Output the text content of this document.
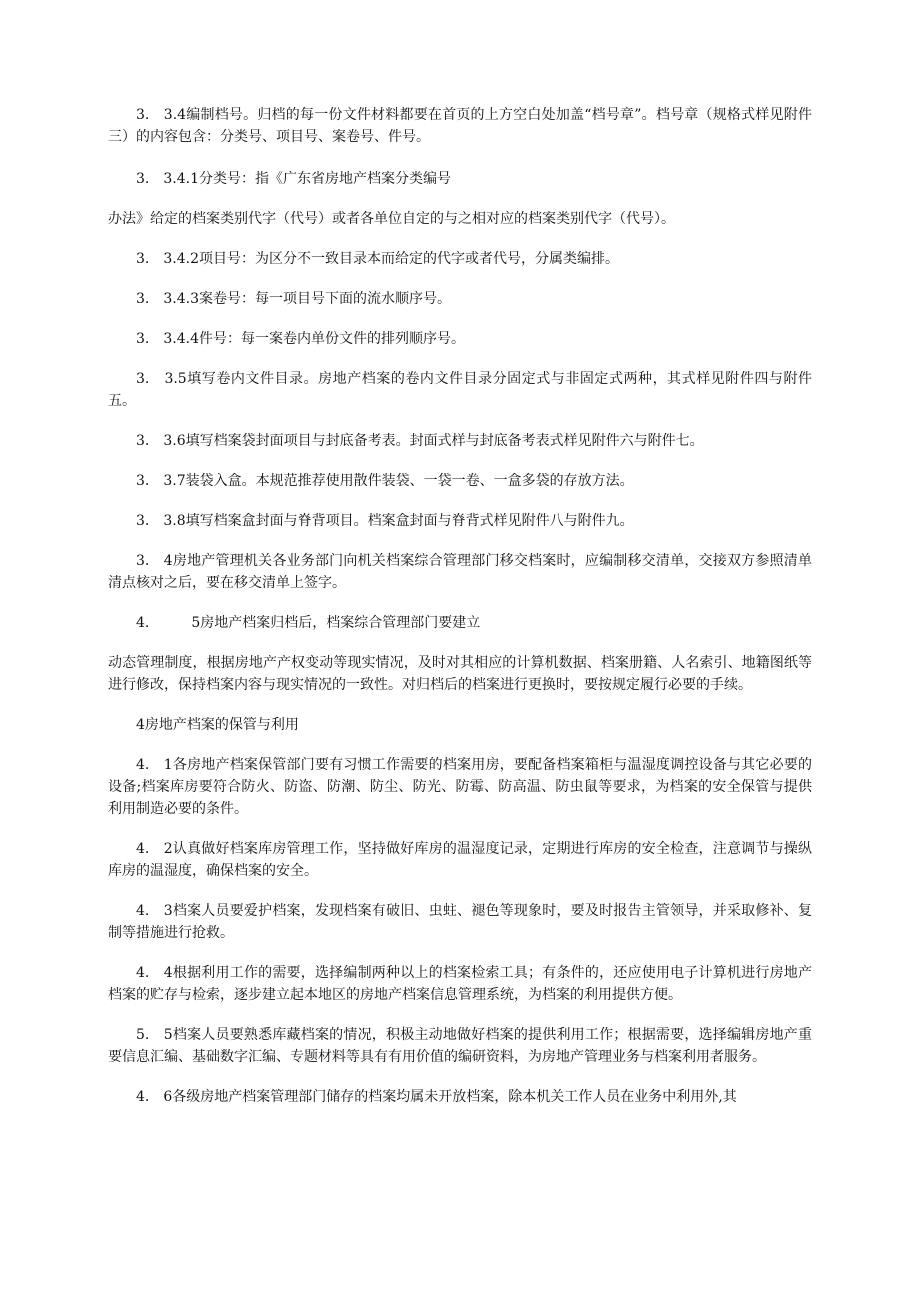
3.　3.4编制档号。归档的每一份文件材料都要在首页的上方空白处加盖“档号章”。档号章（规格式样见附件三）的内容包含：分类号、项目号、案卷号、件号。

3.　3.4.1分类号：指《广东省房地产档案分类编号

办法》给定的档案类别代字（代号）或者各单位自定的与之相对应的档案类别代字（代号）。

3.　3.4.2项目号：为区分不一致目录本而给定的代字或者代号，分属类编排。

3.　3.4.3案卷号：每一项目号下面的流水顺序号。

3.　3.4.4件号：每一案卷内单份文件的排列顺序号。

3.　3.5填写卷内文件目录。房地产档案的卷内文件目录分固定式与非固定式两种，其式样见附件四与附件五。

3.　3.6填写档案袋封面项目与封底备考表。封面式样与封底备考表式样见附件六与附件七。

3.　3.7装袋入盒。本规范推荐使用散件装袋、一袋一卷、一盒多袋的存放方法。

3.　3.8填写档案盒封面与脊背项目。档案盒封面与脊背式样见附件八与附件九。

3.　4房地产管理机关各业务部门向机关档案综合管理部门移交档案时，应编制移交清单，交接双方参照清单清点核对之后，要在移交清单上签字。

4.　　　5房地产档案归档后，档案综合管理部门要建立

动态管理制度，根据房地产产权变动等现实情况，及时对其相应的计算机数据、档案册籍、人名索引、地籍图纸等进行修改，保持档案内容与现实情况的一致性。对归档后的档案进行更换时，要按规定履行必要的手续。

4房地产档案的保管与利用

4.　1各房地产档案保管部门要有习惯工作需要的档案用房，要配备档案箱柜与温湿度调控设备与其它必要的设备;档案库房要符合防火、防盗、防潮、防尘、防光、防霉、防高温、防虫鼠等要求，为档案的安全保管与提供利用制造必要的条件。

4.　2认真做好档案库房管理工作，坚持做好库房的温湿度记录，定期进行库房的安全检查，注意调节与操纵库房的温湿度，确保档案的安全。

4.　3档案人员要爱护档案，发现档案有破旧、虫蛀、褪色等现象时，要及时报告主管领导，并采取修补、复制等措施进行抢救。

4.　4根据利用工作的需要，选择编制两种以上的档案检索工具；有条件的，还应使用电子计算机进行房地产档案的贮存与检索，逐步建立起本地区的房地产档案信息管理系统，为档案的利用提供方便。

5.　5档案人员要熟悉库藏档案的情况，积极主动地做好档案的提供利用工作；根据需要，选择编辑房地产重要信息汇编、基础数字汇编、专题材料等具有有用价值的编研资料，为房地产管理业务与档案利用者服务。

4.　6各级房地产档案管理部门储存的档案均属未开放档案，除本机关工作人员在业务中利用外,其
